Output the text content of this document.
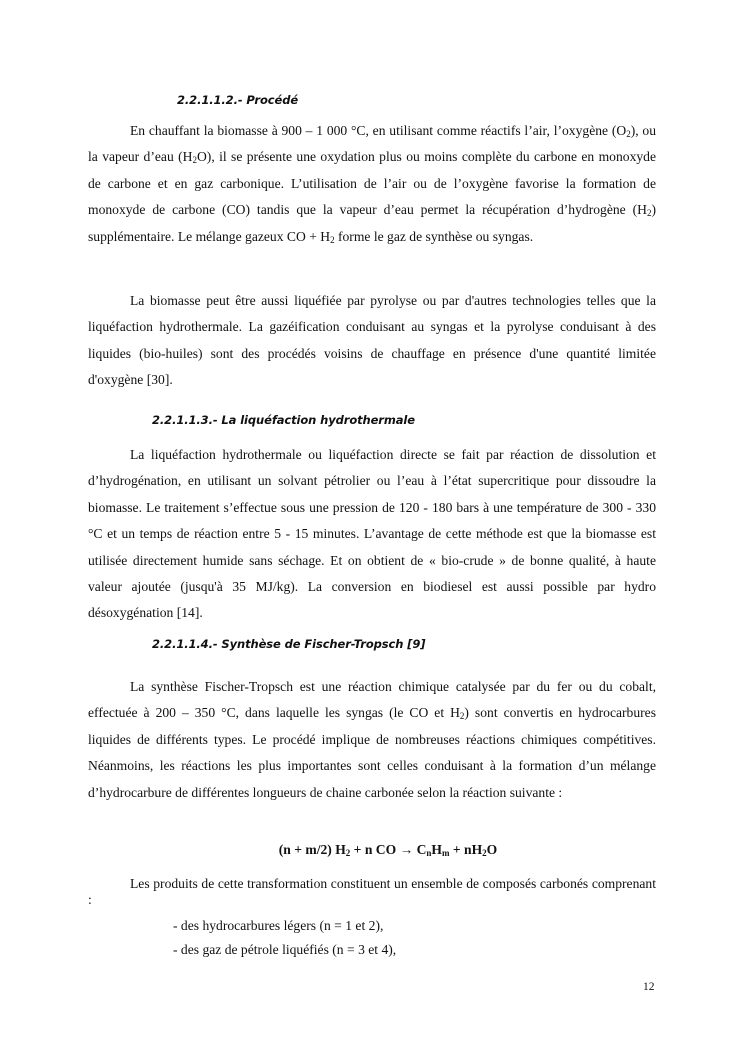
2.2.1.1.2.- Procédé

En chauffant la biomasse à 900 – 1 000 °C, en utilisant comme réactifs l’air, l’oxygène $(O_2)$, ou la vapeur d’eau $(H_2O)$, il se présente une oxydation plus ou moins complète du carbone en monoxyde de carbone et en gaz carbonique. L’utilisation de l’air ou de l’oxygène favorise la formation de monoxyde de carbone (CO) tandis que la vapeur d’eau permet la récupération d’hydrogène $(H_2)$ supplémentaire. Le mélange gazeux CO + $H_2$ forme le gaz de synthèse ou syngas.

La biomasse peut être aussi liquéfiée par pyrolyse ou par d'autres technologies telles que la liquéfaction hydrothermale. La gazéification conduisant au syngas et la pyrolyse conduisant à des liquides (bio-huiles) sont des procédés voisins de chauffage en présence d'une quantité limitée d'oxygène [30].

2.2.1.1.3.- La liquéfaction hydrothermale

La liquéfaction hydrothermale ou liquéfaction directe se fait par réaction de dissolution et d’hydrogénation, en utilisant un solvant pétrolier ou l’eau à l’état supercritique pour dissoudre la biomasse. Le traitement s’effectue sous une pression de 120 - 180 bars à une température de 300 - 330 °C et un temps de réaction entre 5 - 15 minutes. L’avantage de cette méthode est que la biomasse est utilisée directement humide sans séchage. Et on obtient de « bio-crude » de bonne qualité, à haute valeur ajoutée (jusqu'à 35 MJ/kg). La conversion en biodiesel est aussi possible par hydro désoxygénation [14].

2.2.1.1.4.- Synthèse de Fischer-Tropsch [9]

La synthèse Fischer-Tropsch est une réaction chimique catalysée par du fer ou du cobalt, effectuée à 200 – 350 °C, dans laquelle les syngas (le CO et $H_2$) sont convertis en hydrocarbures liquides de différents types. Le procédé implique de nombreuses réactions chimiques compétitives. Néanmoins, les réactions les plus importantes sont celles conduisant à la formation d’un mélange d’hydrocarbure de différentes longueurs de chaine carbonée selon la réaction suivante :

(n + m/2) $H_2 + n$ CO → $C_nH_m + nH_2O$

Les produits de cette transformation constituent un ensemble de composés carbonés comprenant :

- des hydrocarbures légers (n = 1 et 2),
- des gaz de pétrole liquéfiés (n = 3 et 4),
12
